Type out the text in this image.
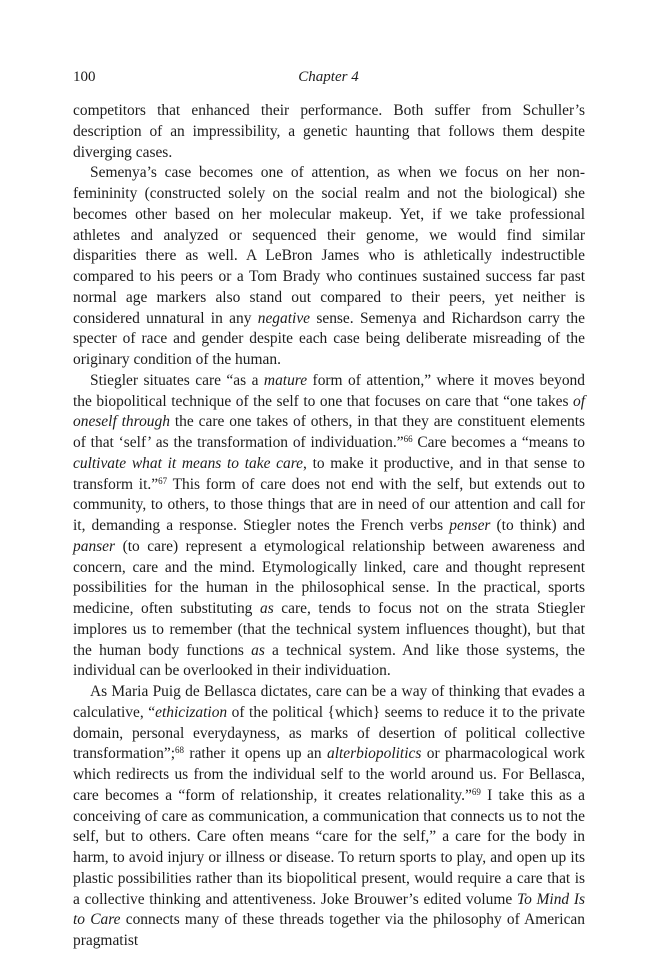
100	Chapter 4

competitors that enhanced their performance. Both suffer from Schuller’s description of an impressibility, a genetic haunting that follows them despite diverging cases.

Semenya’s case becomes one of attention, as when we focus on her non-femininity (constructed solely on the social realm and not the biological) she becomes other based on her molecular makeup. Yet, if we take professional athletes and analyzed or sequenced their genome, we would find similar disparities there as well. A LeBron James who is athletically indestructible compared to his peers or a Tom Brady who continues sustained success far past normal age markers also stand out compared to their peers, yet neither is considered unnatural in any negative sense. Semenya and Richardson carry the specter of race and gender despite each case being deliberate misreading of the originary condition of the human.

Stiegler situates care “as a mature form of attention,” where it moves beyond the biopolitical technique of the self to one that focuses on care that “one takes of oneself through the care one takes of others, in that they are constituent elements of that ‘self’ as the transformation of individuation.”$^{66}$ Care becomes a “means to cultivate what it means to take care, to make it productive, and in that sense to transform it.”$^{67}$ This form of care does not end with the self, but extends out to community, to others, to those things that are in need of our attention and call for it, demanding a response. Stiegler notes the French verbs penser (to think) and panser (to care) represent a etymological relationship between awareness and concern, care and the mind. Etymologically linked, care and thought represent possibilities for the human in the philosophical sense. In the practical, sports medicine, often substituting as care, tends to focus not on the strata Stiegler implores us to remember (that the technical system influences thought), but that the human body functions as a technical system. And like those systems, the individual can be overlooked in their individuation.

As Maria Puig de Bellasca dictates, care can be a way of thinking that evades a calculative, “ethicization of the political {which} seems to reduce it to the private domain, personal everydayness, as marks of desertion of political collective transformation”;$^{68}$ rather it opens up an alterbiopolitics or pharmacological work which redirects us from the individual self to the world around us. For Bellasca, care becomes a “form of relationship, it creates relationality.”$^{69}$ I take this as a conceiving of care as communication, a communication that connects us to not the self, but to others. Care often means “care for the self,” a care for the body in harm, to avoid injury or illness or disease. To return sports to play, and open up its plastic possibilities rather than its biopolitical present, would require a care that is a collective thinking and attentiveness. Joke Brouwer’s edited volume To Mind Is to Care connects many of these threads together via the philosophy of American pragmatist
